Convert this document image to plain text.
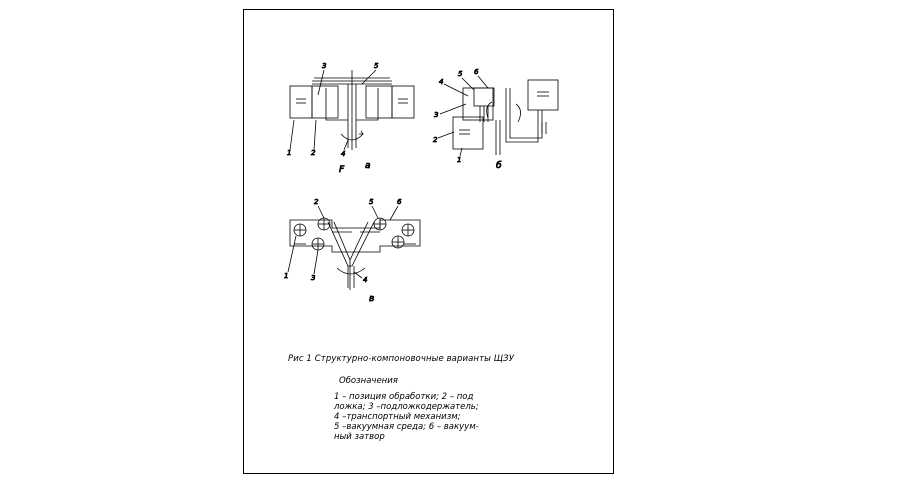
1	2
3
4
5
F а
1
2
3
4
5 6
б
1
2
3	4
5	6
в
Рис 1 Структурно-компоновочные варианты ЩЗУ
Обозначения
1 – позиция обработки; 2 – под
ложка; 3 –подложкодержатель;
4 –транспортный механизм;
5 –вакуумная среда; 6 – вакуум-
ный затвор
